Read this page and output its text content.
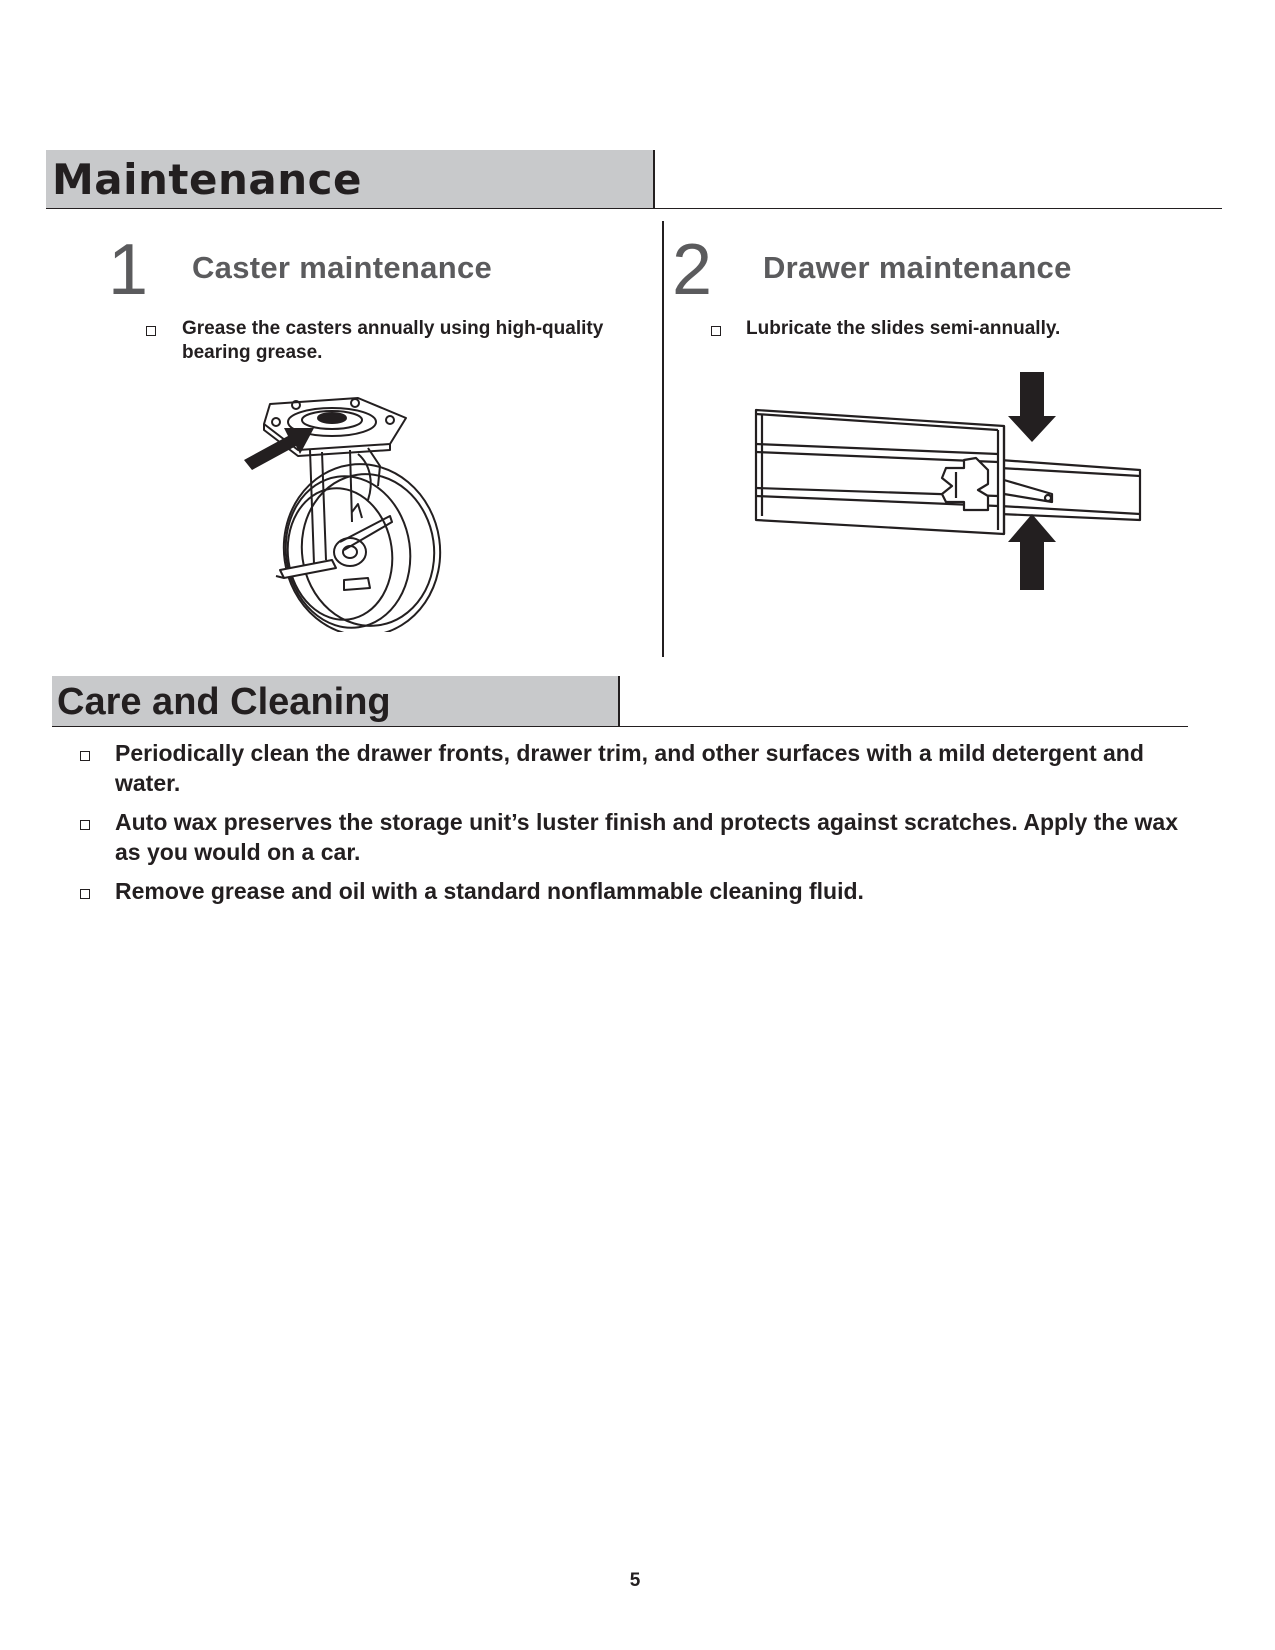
Maintenance
1 Caster maintenance
Grease the casters annually using high-quality bearing grease.
2 Drawer maintenance
Lubricate the slides semi-annually.
Care and Cleaning
Periodically clean the drawer fronts, drawer trim, and other surfaces with a mild detergent and water.
Auto wax preserves the storage unit’s luster finish and protects against scratches. Apply the wax as you would on a car.
Remove grease and oil with a standard nonflammable cleaning fluid.
5
